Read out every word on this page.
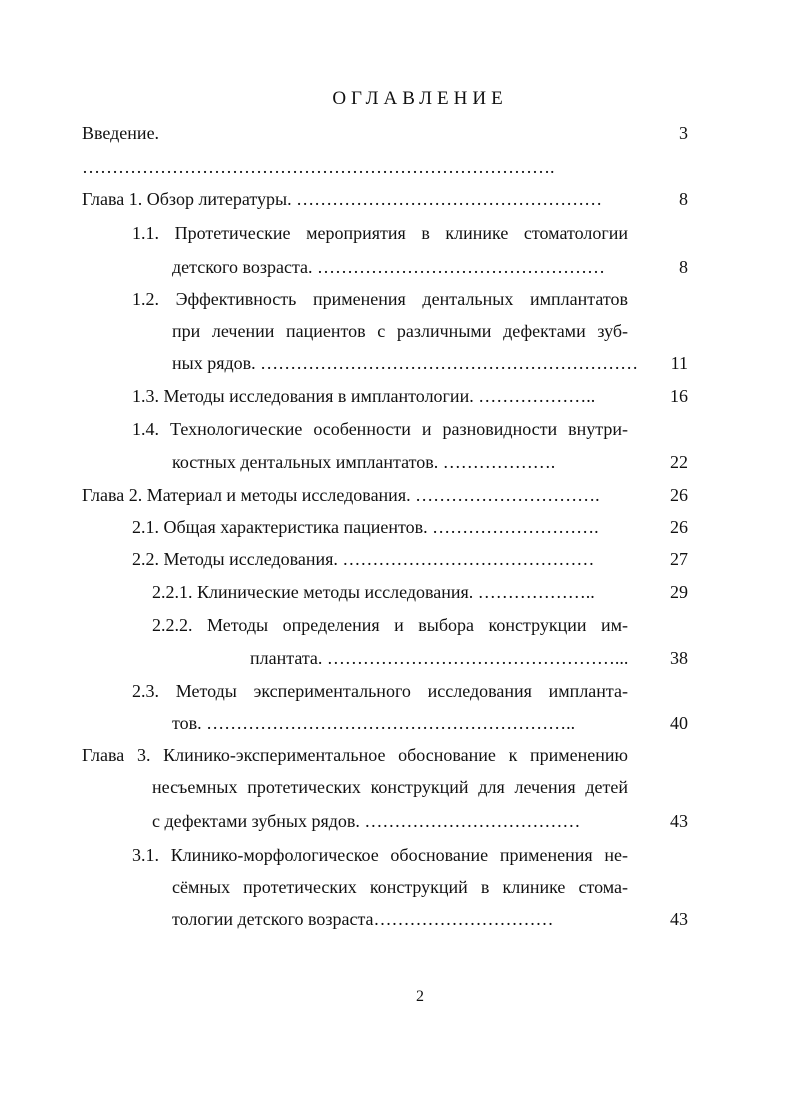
ОГЛАВЛЕНИЕ
Введение.
…………………………………………………………………….
Глава 1. Обзор литературы. ……………………………………………
1.1. Протетические мероприятия в клинике стоматологии
детского возраста. …………………………………………
1.2. Эффективность применения дентальных имплантатов
при лечении пациентов с различными дефектами зуб-
ных рядов. ………………………………………………………
1.3. Методы исследования в имплантологии. ………………..
1.4. Технологические особенности и разновидности внутри-
костных дентальных имплантатов. ……………….
Глава 2. Материал и методы исследования. ………………………….
2.1. Общая характеристика пациентов. ……………………….
2.2. Методы исследования. ……………………………………
2.2.1. Клинические методы исследования. ………………..
2.2.2. Методы определения и выбора конструкции им-
плантата. …………………………………………...
2.3. Методы экспериментального исследования импланта-
тов. ……………………………………………………..
Глава 3. Клинико-экспериментальное обоснование к применению
несъемных протетических конструкций для лечения детей
с дефектами зубных рядов. ………………………………
3.1. Клинико-морфологическое обоснование применения не-
сёмных протетических конструкций в клинике стома-
тологии детского возраста…………………………
3
8
8
11
16
22
26
26
27
29
38
40
43
43
2
